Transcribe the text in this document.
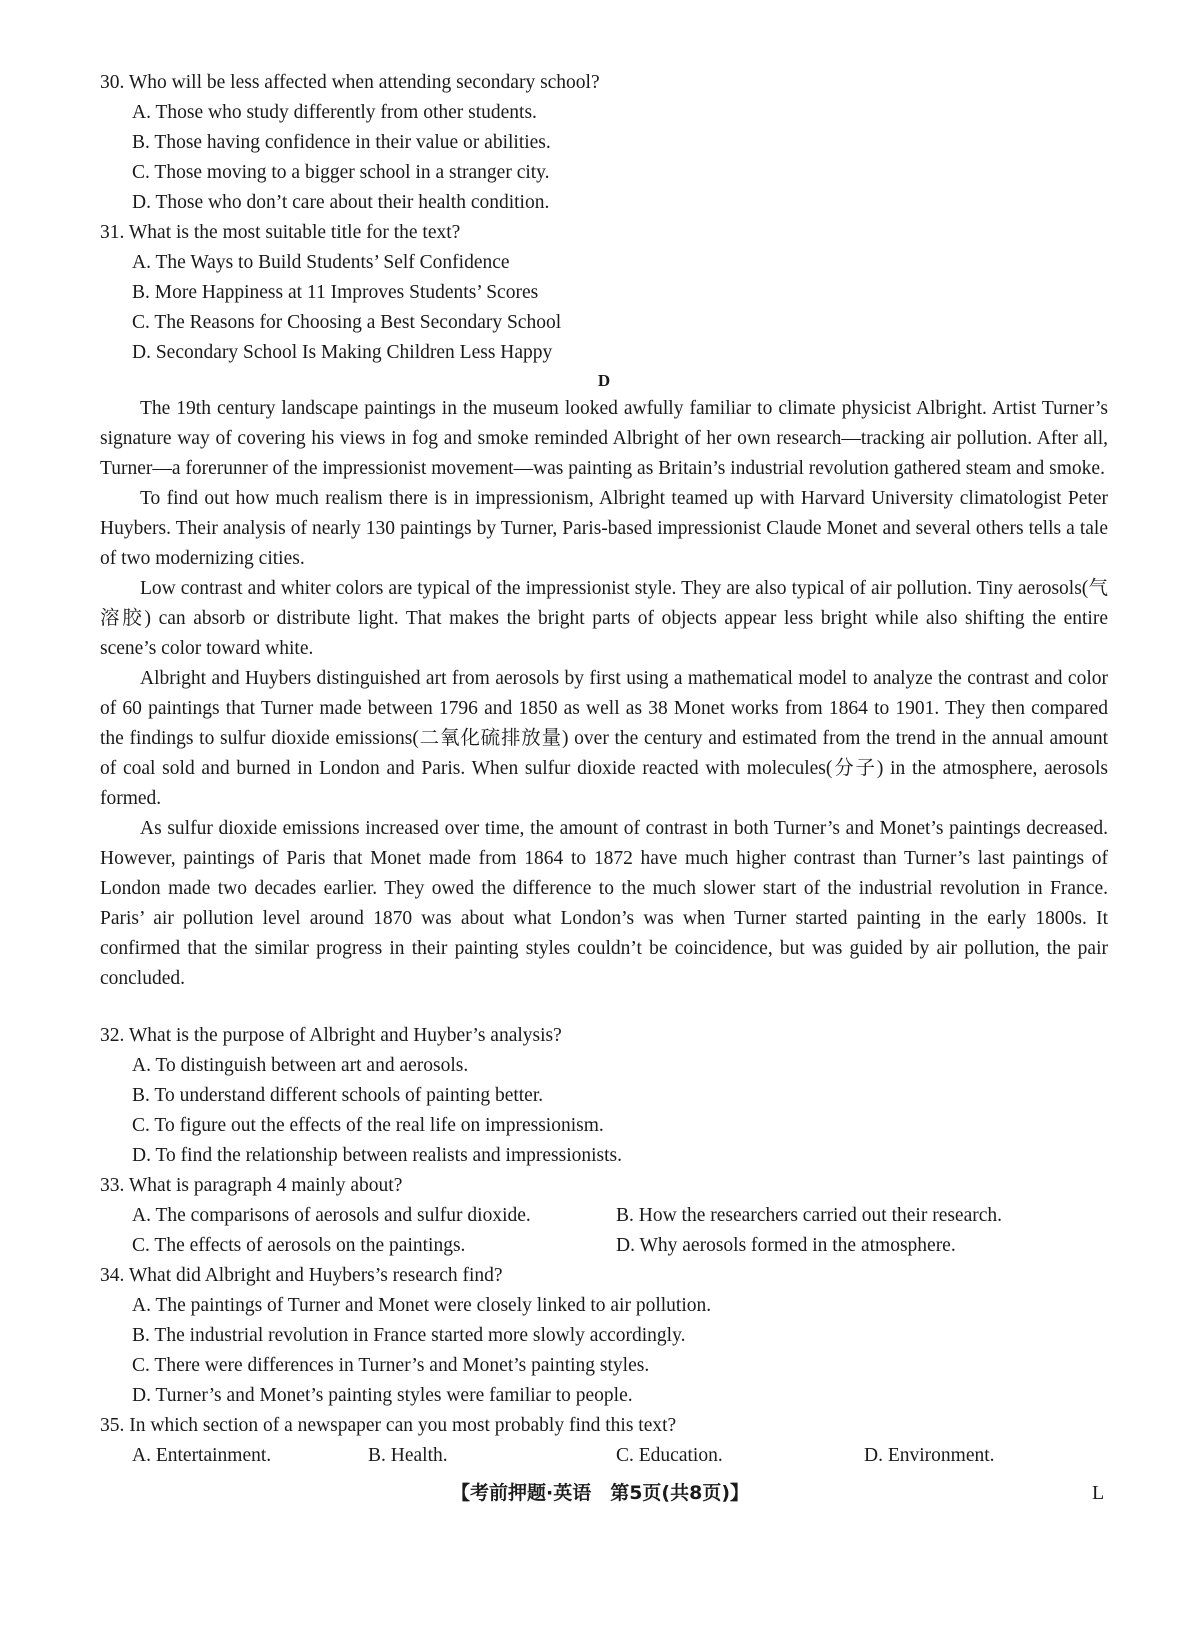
30. Who will be less affected when attending secondary school?
A. Those who study differently from other students.
B. Those having confidence in their value or abilities.
C. Those moving to a bigger school in a stranger city.
D. Those who don’t care about their health condition.
31. What is the most suitable title for the text?
A. The Ways to Build Students’ Self Confidence
B. More Happiness at 11 Improves Students’ Scores
C. The Reasons for Choosing a Best Secondary School
D. Secondary School Is Making Children Less Happy
D

The 19th century landscape paintings in the museum looked awfully familiar to climate physicist Albright. Artist Turner’s signature way of covering his views in fog and smoke reminded Albright of her own research—tracking air pollution. After all, Turner—a forerunner of the impressionist movement—was painting as Britain’s industrial revolution gathered steam and smoke.

To find out how much realism there is in impressionism, Albright teamed up with Harvard University climatologist Peter Huybers. Their analysis of nearly 130 paintings by Turner, Paris-based impressionist Claude Monet and several others tells a tale of two modernizing cities.

Low contrast and whiter colors are typical of the impressionist style. They are also typical of air pollution. Tiny aerosols(气溶胶) can absorb or distribute light. That makes the bright parts of objects appear less bright while also shifting the entire scene’s color toward white.

Albright and Huybers distinguished art from aerosols by first using a mathematical model to analyze the contrast and color of 60 paintings that Turner made between 1796 and 1850 as well as 38 Monet works from 1864 to 1901. They then compared the findings to sulfur dioxide emissions(二氧化硫排放量) over the century and estimated from the trend in the annual amount of coal sold and burned in London and Paris. When sulfur dioxide reacted with molecules(分子) in the atmosphere, aerosols formed.

As sulfur dioxide emissions increased over time, the amount of contrast in both Turner’s and Monet’s paintings decreased. However, paintings of Paris that Monet made from 1864 to 1872 have much higher contrast than Turner’s last paintings of London made two decades earlier. They owed the difference to the much slower start of the industrial revolution in France. Paris’ air pollution level around 1870 was about what London’s was when Turner started painting in the early 1800s. It confirmed that the similar progress in their painting styles couldn’t be coincidence, but was guided by air pollution, the pair concluded.

32. What is the purpose of Albright and Huyber’s analysis?
A. To distinguish between art and aerosols.
B. To understand different schools of painting better.
C. To figure out the effects of the real life on impressionism.
D. To find the relationship between realists and impressionists.
33. What is paragraph 4 mainly about?
A. The comparisons of aerosols and sulfur dioxide.	B. How the researchers carried out their research.
C. The effects of aerosols on the paintings.	D. Why aerosols formed in the atmosphere.
34. What did Albright and Huybers’s research find?
A. The paintings of Turner and Monet were closely linked to air pollution.
B. The industrial revolution in France started more slowly accordingly.
C. There were differences in Turner’s and Monet’s painting styles.
D. Turner’s and Monet’s painting styles were familiar to people.
35. In which section of a newspaper can you most probably find this text?
A. Entertainment.	B. Health.	C. Education.	D. Environment.
【考前押题·英语　第5页(共8页)】	L
